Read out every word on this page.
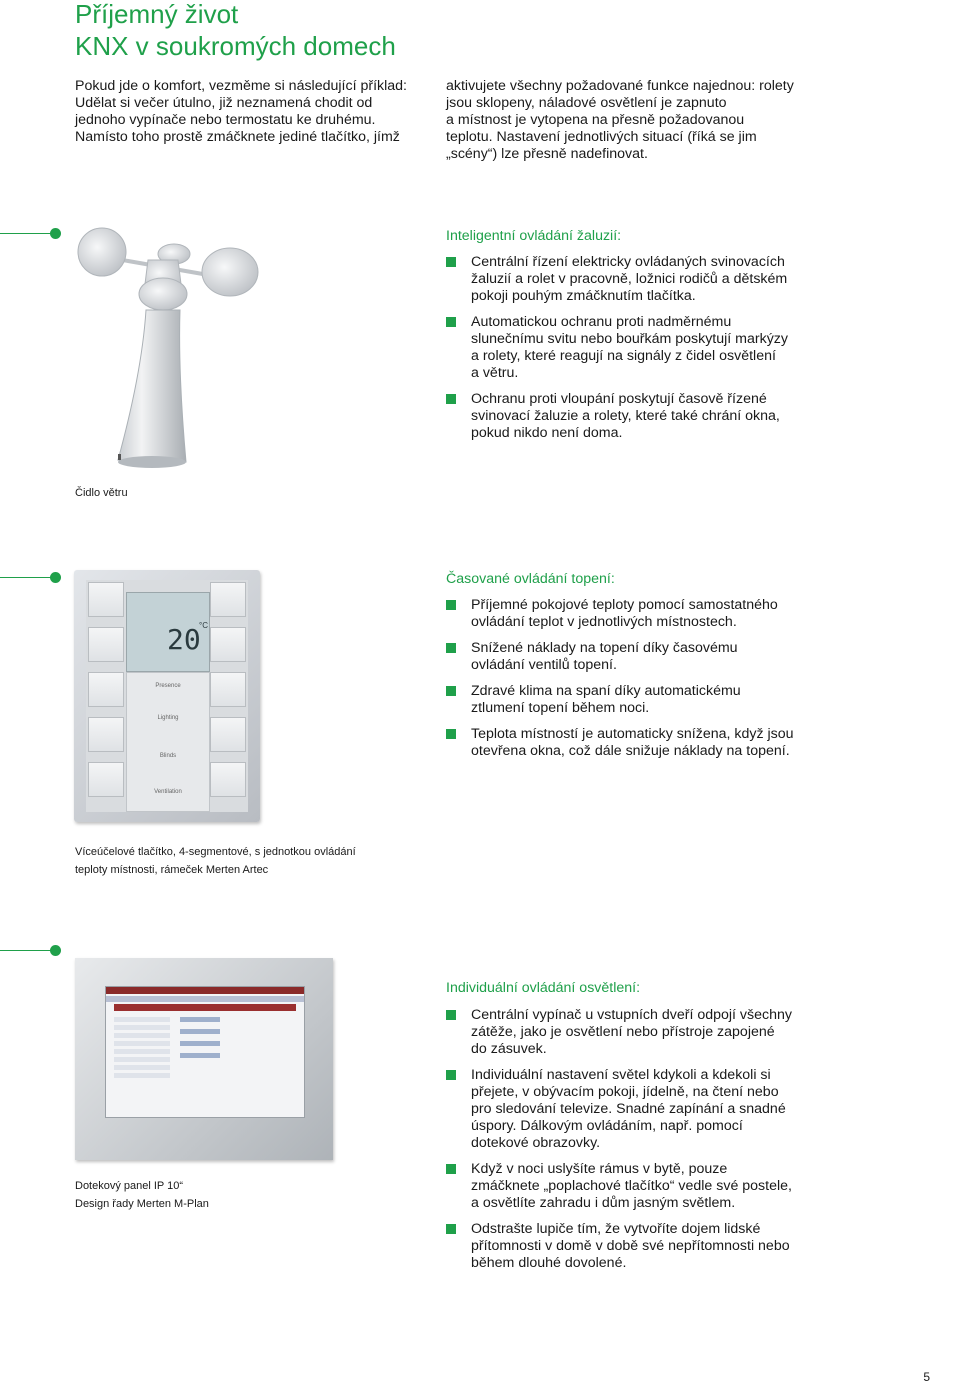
Příjemný život
KNX v soukromých domech

Pokud jde o komfort, vezměme si následující příklad:

Udělat si večer útulno, již neznamená chodit od

jednoho vypínače nebo termostatu ke druhému.

Namísto toho prostě zmáčknete jediné tlačítko, jímž

aktivujete všechny požadované funkce najednou: rolety

jsou sklopeny, náladové osvětlení je zapnuto

a místnost je vytopena na přesně požadovanou

teplotu. Nastavení jednotlivých situací (říká se jim

„scény“) lze přesně nadefinovat.

Inteligentní ovládání žaluzií:
Centrální řízení elektricky ovládaných svinovacích
žaluzií a rolet v pracovně, ložnici rodičů a dětském
pokoji pouhým zmáčknutím tlačítka.
Automatickou ochranu proti nadměrnému
slunečnímu svitu nebo bouřkám poskytují markýzy
a rolety, které reagují na signály z čidel osvětlení
a větru.
Ochranu proti vloupání poskytují časově řízené
svinovací žaluzie a rolety, které také chrání okna,
pokud nikdo není doma.
Čidlo větru
20
°C
Presence
Lighting
Blinds
Ventilation
Časované ovládání topení:
Příjemné pokojové teploty pomocí samostatného
ovládání teplot v jednotlivých místnostech.
Snížené náklady na topení díky časovému
ovládání ventilů topení.
Zdravé klima na spaní díky automatickému
ztlumení topení během noci.
Teplota místností je automaticky snížena, když jsou
otevřena okna, což dále snižuje náklady na topení.
Víceúčelové tlačítko, 4-segmentové, s jednotkou ovládání
teploty místnosti, rámeček Merten Artec
Individuální ovládání osvětlení:
Centrální vypínač u vstupních dveří odpojí všechny
zátěže, jako je osvětlení nebo přístroje zapojené
do zásuvek.
Individuální nastavení světel kdykoli a kdekoli si
přejete, v obývacím pokoji, jídelně, na čtení nebo
pro sledování televize. Snadné zapínání a snadné
úspory. Dálkovým ovládáním, např. pomocí
dotekové obrazovky.
Když v noci uslyšíte rámus v bytě, pouze
zmáčknete „poplachové tlačítko“ vedle své postele,
a osvětlíte zahradu i dům jasným světlem.
Odstrašte lupiče tím, že vytvoříte dojem lidské
přítomnosti v domě v době své nepřítomnosti nebo
během dlouhé dovolené.
Dotekový panel IP 10“
Design řady Merten M-Plan
5
